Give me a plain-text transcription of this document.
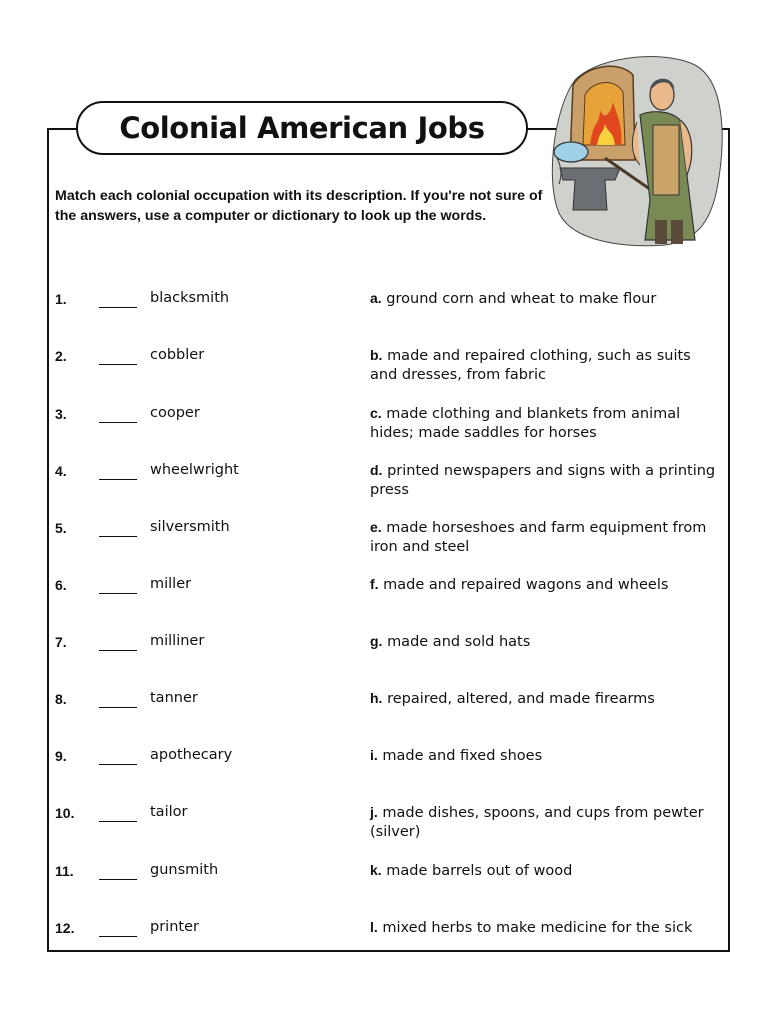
Colonial American Jobs
Match each colonial occupation with its description. If you're not sure of the answers, use a computer or dictionary to look up the words.
1.	blacksmith	a. ground corn and wheat to make flour
2.	cobbler	b. made and repaired clothing, such as suits and dresses, from fabric
3.	cooper	c. made clothing and blankets from animal hides; made saddles for horses
4.	wheelwright	d. printed newspapers and signs with a printing press
5.	silversmith	e. made horseshoes and farm equipment from iron and steel
6.	miller	f. made and repaired wagons and wheels
7.	milliner	g. made and sold hats
8.	tanner	h. repaired, altered, and made firearms
9.	apothecary	i. made and fixed shoes
10.	tailor	j. made dishes, spoons, and cups from pewter (silver)
11.	gunsmith	k. made barrels out of wood
12.	printer	l. mixed herbs to make medicine for the sick
